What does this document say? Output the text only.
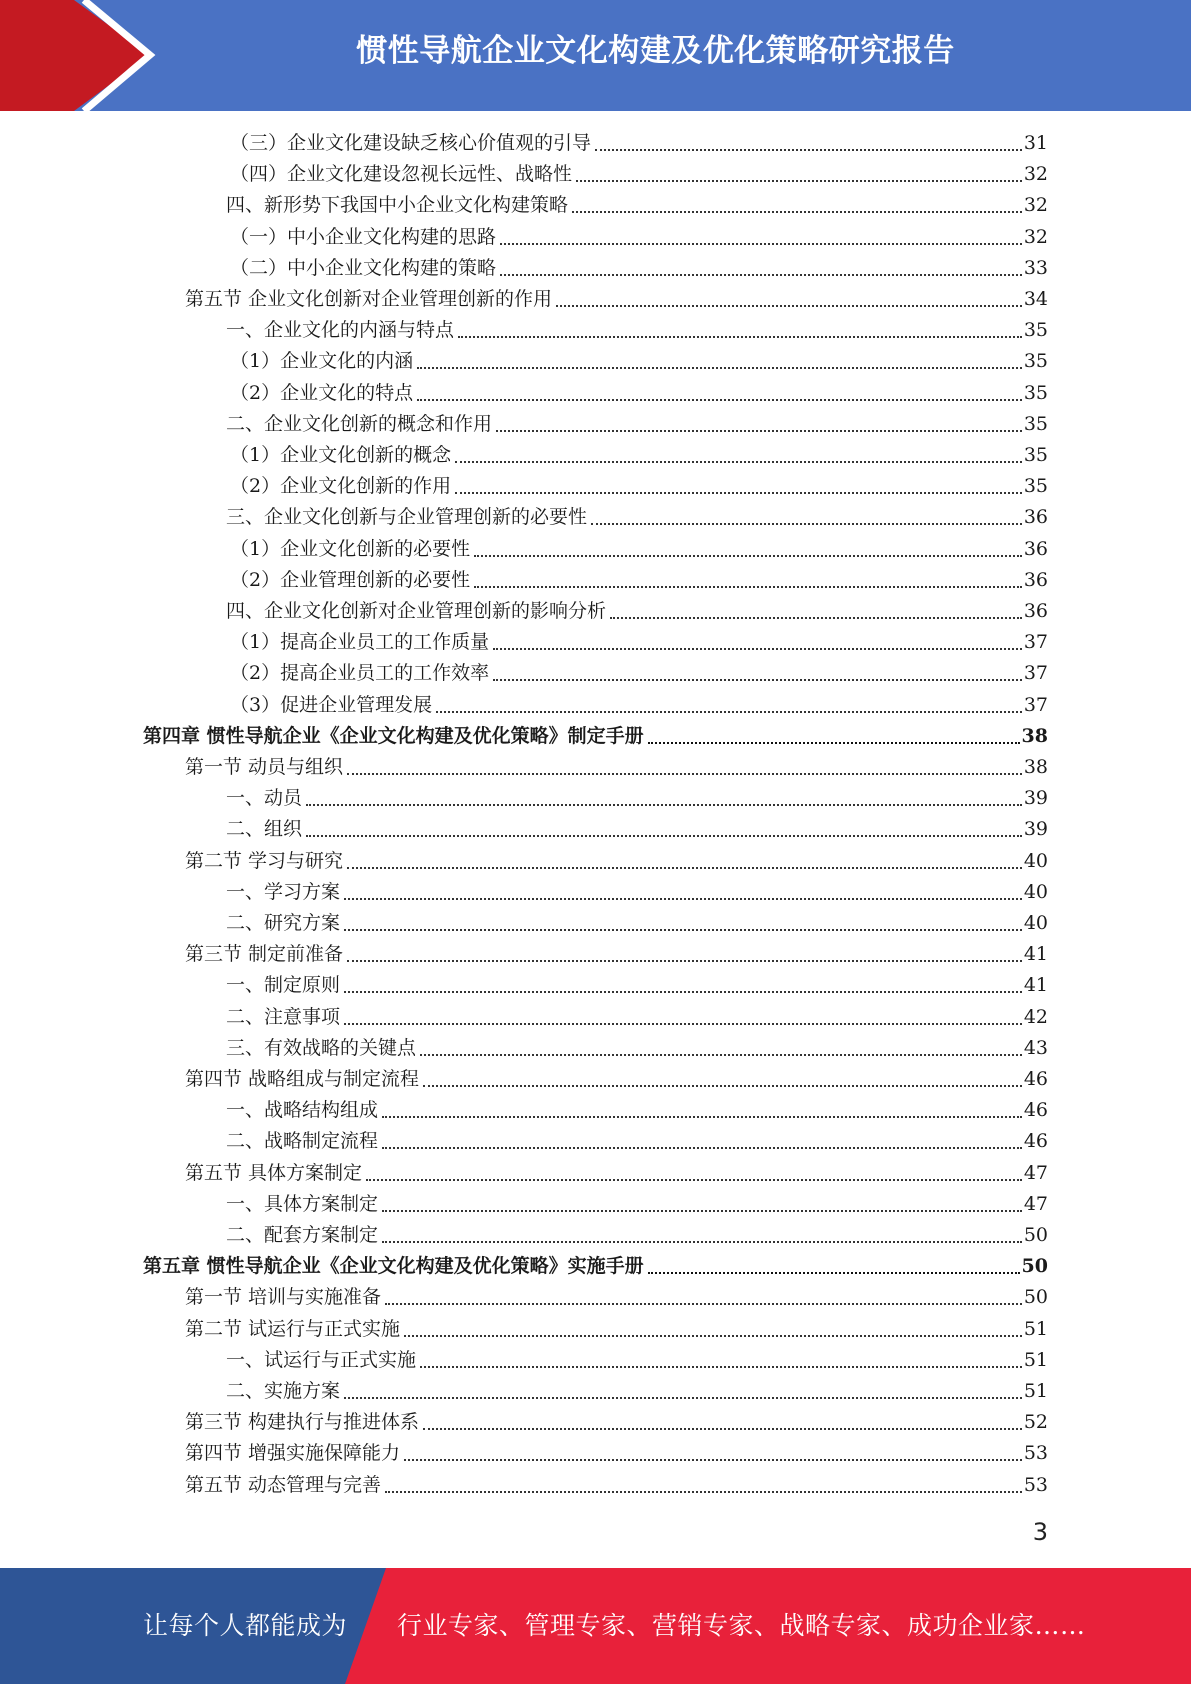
惯性导航企业文化构建及优化策略研究报告
（三）企业文化建设缺乏核心价值观的引导	31
（四）企业文化建设忽视长远性、战略性	32
四、新形势下我国中小企业文化构建策略	32
（一）中小企业文化构建的思路	32
（二）中小企业文化构建的策略	33
第五节 企业文化创新对企业管理创新的作用	34
一、企业文化的内涵与特点	35
（1）企业文化的内涵	35
（2）企业文化的特点	35
二、企业文化创新的概念和作用	35
（1）企业文化创新的概念	35
（2）企业文化创新的作用	35
三、企业文化创新与企业管理创新的必要性	36
（1）企业文化创新的必要性	36
（2）企业管理创新的必要性	36
四、企业文化创新对企业管理创新的影响分析	36
（1）提高企业员工的工作质量	37
（2）提高企业员工的工作效率	37
（3）促进企业管理发展	37
第四章 惯性导航企业《企业文化构建及优化策略》制定手册	38
第一节 动员与组织	38
一、动员	39
二、组织	39
第二节 学习与研究	40
一、学习方案	40
二、研究方案	40
第三节 制定前准备	41
一、制定原则	41
二、注意事项	42
三、有效战略的关键点	43
第四节 战略组成与制定流程	46
一、战略结构组成	46
二、战略制定流程	46
第五节 具体方案制定	47
一、具体方案制定	47
二、配套方案制定	50
第五章 惯性导航企业《企业文化构建及优化策略》实施手册	50
第一节 培训与实施准备	50
第二节 试运行与正式实施	51
一、试运行与正式实施	51
二、实施方案	51
第三节 构建执行与推进体系	52
第四节 增强实施保障能力	53
第五节 动态管理与完善	53
3
让每个人都能成为 行业专家、管理专家、营销专家、战略专家、成功企业家……
